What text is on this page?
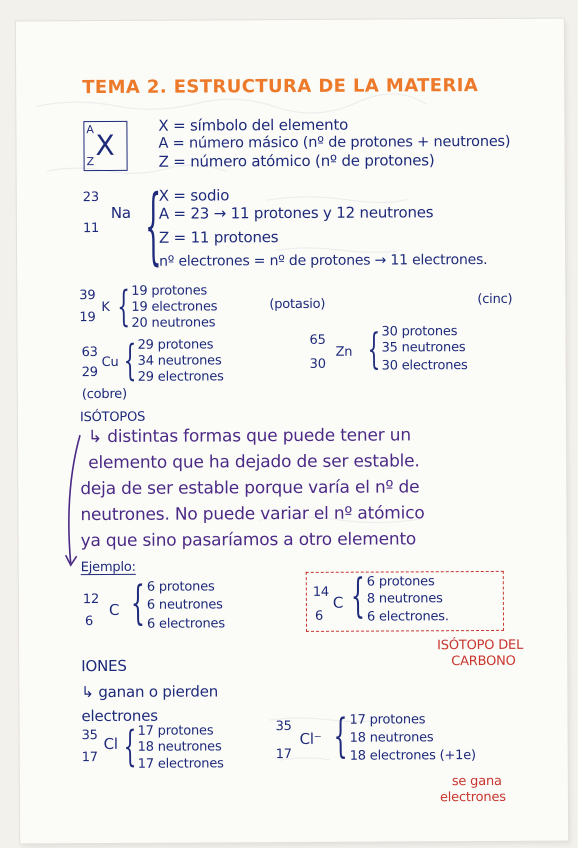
TEMA 2. ESTRUCTURA DE LA MATERIA
A X
Z
X = símbolo del elemento
A = número másico (nº de protones + neutrones)
Z = número atómico (nº de protones)
23
11
Na {
X = sodio
A = 23 → 11 protones y 12 neutrones
Z = 11 protones
nº electrones = nº de protones → 11 electrones.
39
19
K { 19 protones
19 electrones
20 neutrones
(potasio)	(cinc)
65
30
Zn { 30 protones
35 neutrones
30 electrones
63
29
Cu { 29 protones
34 neutrones
29 electrones
(cobre)
ISÓTOPOS
↳ distintas formas que puede tener un
elemento que ha dejado de ser estable.
deja de ser estable porque varía el nº de
neutrones. No puede variar el nº atómico
ya que sino pasaríamos a otro elemento
Ejemplo:
12
6
C { 6 protones
6 neutrones
6 electrones
14
6
C { 6 protones
8 neutrones
6 electrones.
ISÓTOPO DEL
CARBONO
IONES
↳ ganan o pierden
electrones
35
17
Cl { 17 protones
18 neutrones
17 electrones
35
17
Cl⁻ { 17 protones
18 neutrones
18 electrones (+1e)
se gana
electrones
